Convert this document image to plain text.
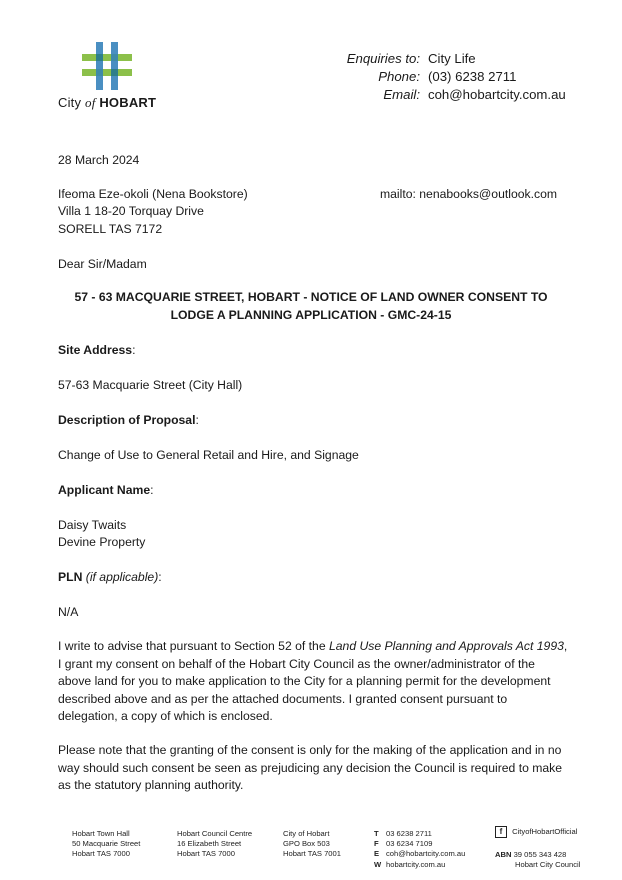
City of HOBART
Enquiries to:
Phone:
Email:
City Life
(03) 6238 2711
coh@hobartcity.com.au
28 March 2024
Ifeoma Eze-okoli (Nena Bookstore)
Villa 1 18-20 Torquay Drive
SORELL TAS 7172
mailto: nenabooks@outlook.com
Dear Sir/Madam
57 - 63 MACQUARIE STREET, HOBART - NOTICE OF LAND OWNER CONSENT TO
LODGE A PLANNING APPLICATION - GMC-24-15
Site Address:
57-63 Macquarie Street (City Hall)
Description of Proposal:
Change of Use to General Retail and Hire, and Signage
Applicant Name:
Daisy Twaits
Devine Property
PLN (if applicable):
N/A
I write to advise that pursuant to Section 52 of the Land Use Planning and Approvals Act 1993, I grant my consent on behalf of the Hobart City Council as the owner/administrator of the above land for you to make application to the City for a planning permit for the development described above and as per the attached documents. I granted consent pursuant to delegation, a copy of which is enclosed.
Please note that the granting of the consent is only for the making of the application and in no way should such consent be seen as prejudicing any decision the Council is required to make as the statutory planning authority.
Hobart Town Hall
50 Macquarie Street
Hobart TAS 7000
Hobart Council Centre
16 Elizabeth Street
Hobart TAS 7000
City of Hobart
GPO Box 503
Hobart TAS 7001
T
F
E
W
03 6238 2711
03 6234 7109
coh@hobartcity.com.au
hobartcity.com.au
f CityofHobartOfficial
ABN 39 055 343 428
Hobart City Council
